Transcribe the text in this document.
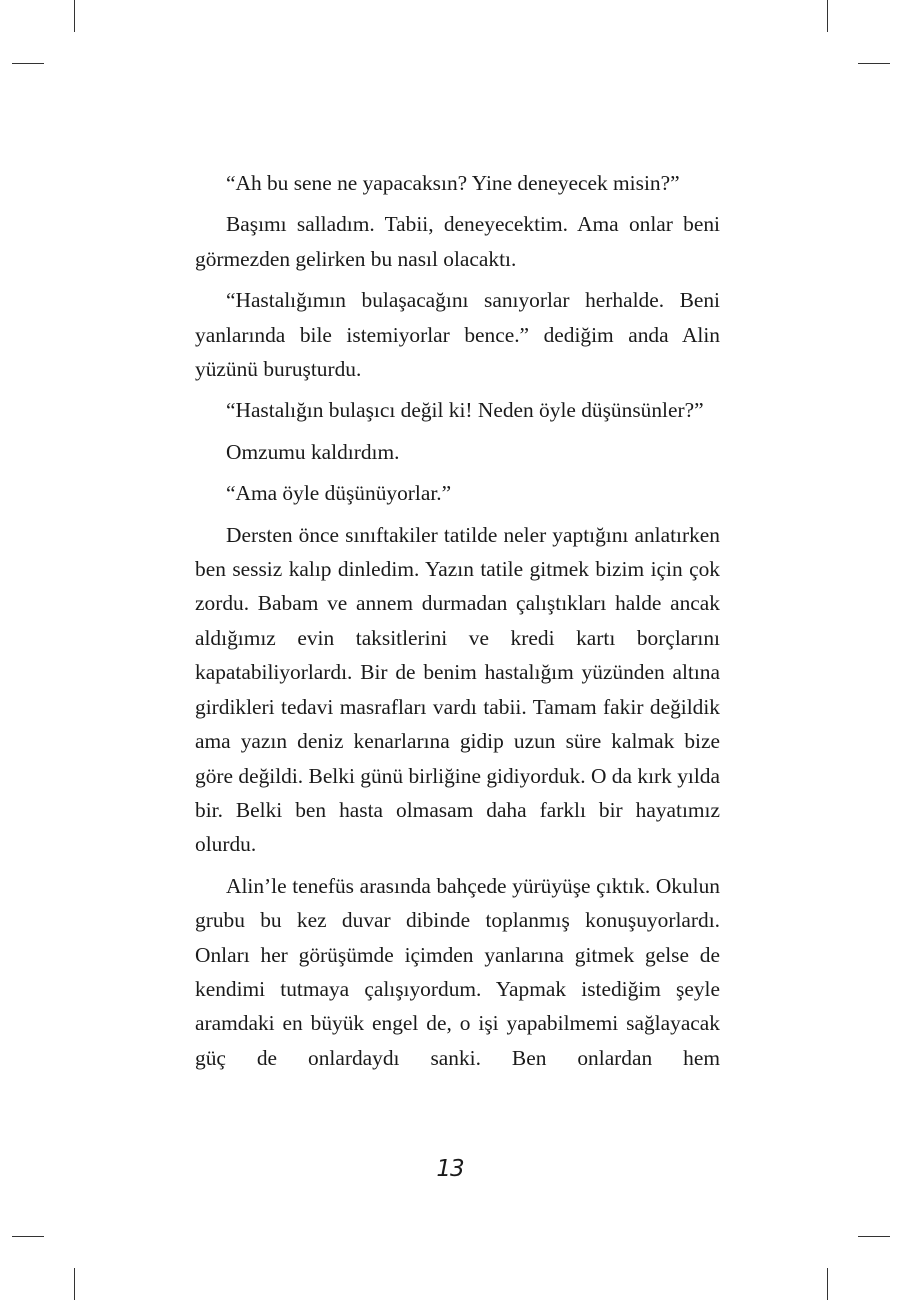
“Ah bu sene ne yapacaksın? Yine deneyecek misin?”

Başımı salladım. Tabii, deneyecektim. Ama onlar beni görmezden gelirken bu nasıl olacaktı.

“Hastalığımın bulaşacağını sanıyorlar herhalde. Beni yanlarında bile istemiyorlar bence.” dediğim anda Alin yüzünü buruşturdu.

“Hastalığın bulaşıcı değil ki! Neden öyle düşünsünler?”

Omzumu kaldırdım.

“Ama öyle düşünüyorlar.”

Dersten önce sınıftakiler tatilde neler yaptığını anlatırken ben sessiz kalıp dinledim. Yazın tatile gitmek bizim için çok zordu. Babam ve annem durmadan çalıştıkları halde ancak aldığımız evin taksitlerini ve kredi kartı borçlarını kapatabiliyorlardı. Bir de benim hastalığım yüzünden altına girdikleri tedavi masrafları vardı tabii. Tamam fakir değildik ama yazın deniz kenarlarına gidip uzun süre kalmak bize göre değildi. Belki günü birliğine gidiyorduk. O da kırk yılda bir. Belki ben hasta olmasam daha farklı bir hayatımız olurdu.

Alin’le tenefüs arasında bahçede yürüyüşe çıktık. Okulun grubu bu kez duvar dibinde toplanmış konuşuyorlardı. Onları her görüşümde içimden yanlarına gitmek gelse de kendimi tutmaya çalışıyordum. Yapmak istediğim şeyle aramdaki en büyük engel de, o işi yapabilmemi sağlayacak güç de onlardaydı sanki. Ben onlardan hem

13
